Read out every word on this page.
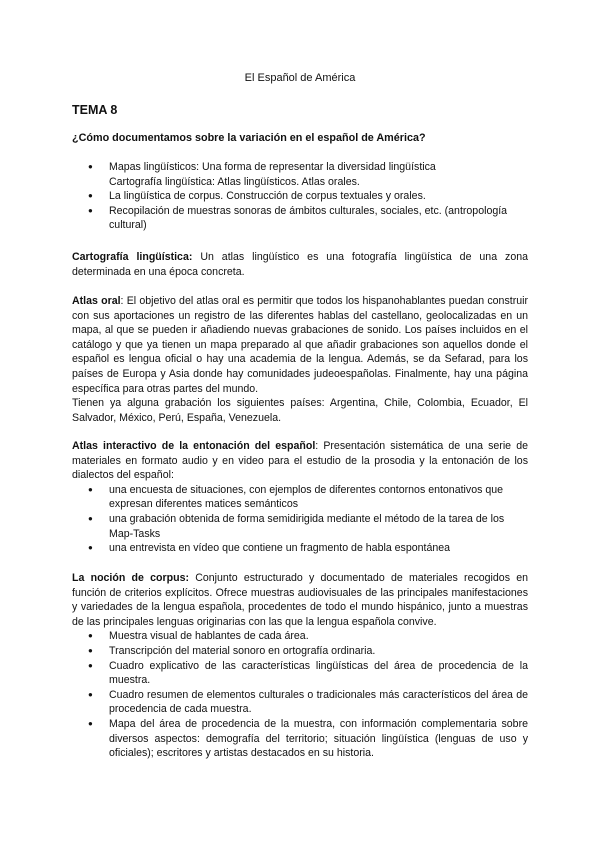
El Español de América
TEMA 8
¿Cómo documentamos sobre la variación en el español de América?
● Mapas lingüísticos: Una forma de representar la diversidad lingüística
Cartografía lingüística: Atlas lingüísticos. Atlas orales.
● La lingüística de corpus. Construcción de corpus textuales y orales.
● Recopilación de muestras sonoras de ámbitos culturales, sociales, etc. (antropología cultural)

Cartografía lingüística: Un atlas lingüístico es una fotografía lingüística de una zona determinada en una época concreta.

Atlas oral: El objetivo del atlas oral es permitir que todos los hispanohablantes puedan construir con sus aportaciones un registro de las diferentes hablas del castellano, geolocalizadas en un mapa, al que se pueden ir añadiendo nuevas grabaciones de sonido. Los países incluidos en el catálogo y que ya tienen un mapa preparado al que añadir grabaciones son aquellos donde el español es lengua oficial o hay una academia de la lengua. Además, se da Sefarad, para los países de Europa y Asia donde hay comunidades judeoespañolas. Finalmente, hay una página específica para otras partes del mundo.

Tienen ya alguna grabación los siguientes países: Argentina, Chile, Colombia, Ecuador, El Salvador, México, Perú, España, Venezuela.

Atlas interactivo de la entonación del español: Presentación sistemática de una serie de materiales en formato audio y en video para el estudio de la prosodia y la entonación de los dialectos del español:

● una encuesta de situaciones, con ejemplos de diferentes contornos entonativos que expresan diferentes matices semánticos
● una grabación obtenida de forma semidirigida mediante el método de la tarea de los Map-Tasks
● una entrevista en vídeo que contiene un fragmento de habla espontánea

La noción de corpus: Conjunto estructurado y documentado de materiales recogidos en función de criterios explícitos. Ofrece muestras audiovisuales de las principales manifestaciones y variedades de la lengua española, procedentes de todo el mundo hispánico, junto a muestras de las principales lenguas originarias con las que la lengua española convive.

● Muestra visual de hablantes de cada área.
● Transcripción del material sonoro en ortografía ordinaria.
● Cuadro explicativo de las características lingüísticas del área de procedencia de la muestra.
● Cuadro resumen de elementos culturales o tradicionales más característicos del área de procedencia de cada muestra.
● Mapa del área de procedencia de la muestra, con información complementaria sobre diversos aspectos: demografía del territorio; situación lingüística (lenguas de uso y oficiales); escritores y artistas destacados en su historia.
